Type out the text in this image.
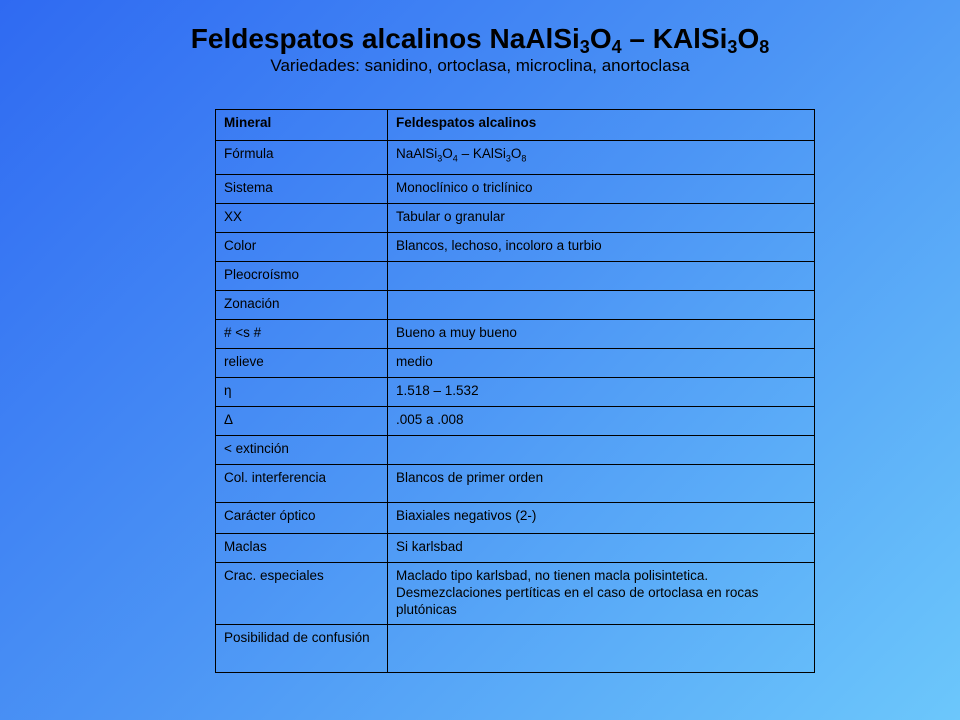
Feldespatos alcalinos $NaAlSi_3O_4$ – $KAlSi_3O_8$

Variedades: sanidino, ortoclasa, microclina, anortoclasa

Mineral	Feldespatos alcalinos
Fórmula	$NaAlSi_3O_4$ – $KAlSi_3O_8$
Sistema	Monoclínico o triclínico
XX	Tabular o granular
Color	Blancos, lechoso, incoloro a turbio
Pleocroísmo	
Zonación	
# <s #	Bueno a muy bueno
relieve	medio
η	1.518 – 1.532
Δ	.005 a .008
< extinción	
Col. interferencia	Blancos de primer orden
Carácter óptico	Biaxiales negativos (2-)
Maclas	Si karlsbad
Crac. especiales	Maclado tipo karlsbad, no tienen macla polisintetica. Desmezclaciones pertíticas en el caso de ortoclasa en rocas plutónicas
Posibilidad de confusión	
